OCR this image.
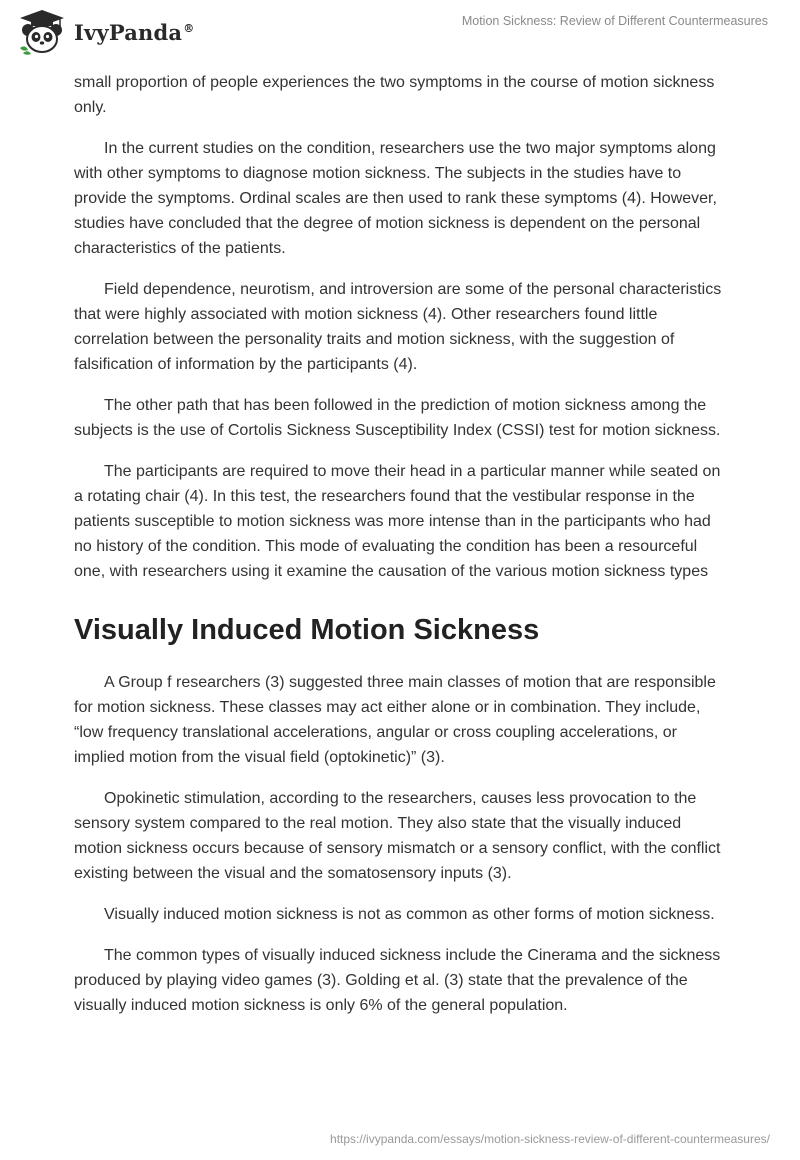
IvyPanda®	Motion Sickness: Review of Different Countermeasures

small proportion of people experiences the two symptoms in the course of motion sickness only.

In the current studies on the condition, researchers use the two major symptoms along with other symptoms to diagnose motion sickness. The subjects in the studies have to provide the symptoms. Ordinal scales are then used to rank these symptoms (4). However, studies have concluded that the degree of motion sickness is dependent on the personal characteristics of the patients.

Field dependence, neurotism, and introversion are some of the personal characteristics that were highly associated with motion sickness (4). Other researchers found little correlation between the personality traits and motion sickness, with the suggestion of falsification of information by the participants (4).

The other path that has been followed in the prediction of motion sickness among the subjects is the use of Cortolis Sickness Susceptibility Index (CSSI) test for motion sickness.

The participants are required to move their head in a particular manner while seated on a rotating chair (4). In this test, the researchers found that the vestibular response in the patients susceptible to motion sickness was more intense than in the participants who had no history of the condition. This mode of evaluating the condition has been a resourceful one, with researchers using it examine the causation of the various motion sickness types

Visually Induced Motion Sickness

A Group f researchers (3) suggested three main classes of motion that are responsible for motion sickness. These classes may act either alone or in combination. They include, “low frequency translational accelerations, angular or cross coupling accelerations, or implied motion from the visual field (optokinetic)” (3).

Opokinetic stimulation, according to the researchers, causes less provocation to the sensory system compared to the real motion. They also state that the visually induced motion sickness occurs because of sensory mismatch or a sensory conflict, with the conflict existing between the visual and the somatosensory inputs (3).

Visually induced motion sickness is not as common as other forms of motion sickness.

The common types of visually induced sickness include the Cinerama and the sickness produced by playing video games (3). Golding et al. (3) state that the prevalence of the visually induced motion sickness is only 6% of the general population.

https://ivypanda.com/essays/motion-sickness-review-of-different-countermeasures/
